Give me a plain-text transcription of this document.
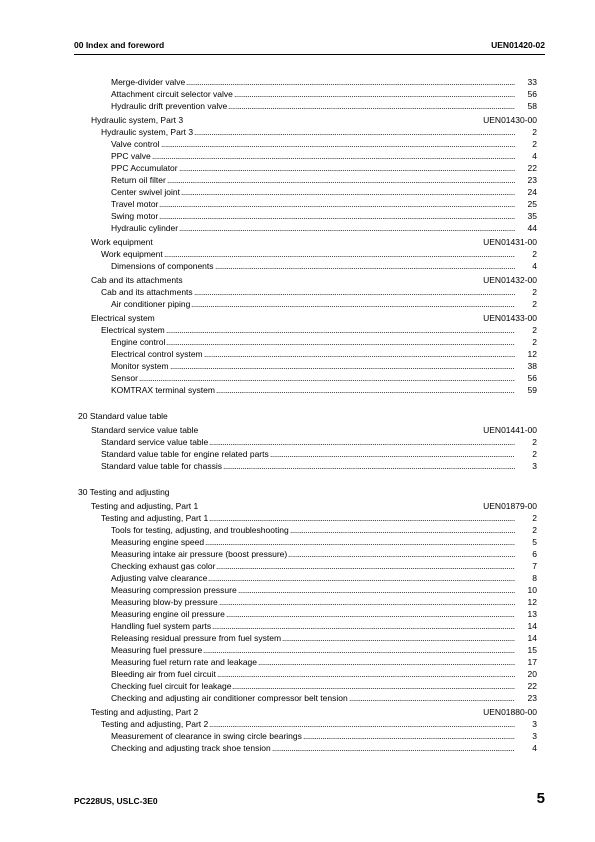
00 Index and foreword	UEN01420-02
Merge-divider valve . . .	33
Attachment circuit selector valve . . .	56
Hydraulic drift prevention valve . . .	58
Hydraulic system, Part 3	UEN01430-00
Hydraulic system, Part 3 . . .	2
Valve control . . .	2
PPC valve . . .	4
PPC Accumulator . . .	22
Return oil filter . . .	23
Center swivel joint . . .	24
Travel motor . . .	25
Swing motor . . .	35
Hydraulic cylinder . . .	44
Work equipment	UEN01431-00
Work equipment . . .	2
Dimensions of components . . .	4
Cab and its attachments	UEN01432-00
Cab and its attachments . . .	2
Air conditioner piping . . .	2
Electrical system	UEN01433-00
Electrical system . . .	2
Engine control . . .	2
Electrical control system . . .	12
Monitor system . . .	38
Sensor . . .	56
KOMTRAX terminal system . . .	59
20 Standard value table
Standard service value table	UEN01441-00
Standard service value table . . .	2
Standard value table for engine related parts . . .	2
Standard value table for chassis . . .	3
30 Testing and adjusting
Testing and adjusting, Part 1	UEN01879-00
Testing and adjusting, Part 1 . . .	2
Tools for testing, adjusting, and troubleshooting . . .	2
Measuring engine speed . . .	5
Measuring intake air pressure (boost pressure) . . .	6
Checking exhaust gas color . . .	7
Adjusting valve clearance . . .	8
Measuring compression pressure . . .	10
Measuring blow-by pressure . . .	12
Measuring engine oil pressure . . .	13
Handling fuel system parts . . .	14
Releasing residual pressure from fuel system . . .	14
Measuring fuel pressure . . .	15
Measuring fuel return rate and leakage . . .	17
Bleeding air from fuel circuit . . .	20
Checking fuel circuit for leakage . . .	22
Checking and adjusting air conditioner compressor belt tension . . .	23
Testing and adjusting, Part 2	UEN01880-00
Testing and adjusting, Part 2 . . .	3
Measurement of clearance in swing circle bearings . . .	3
Checking and adjusting track shoe tension . . .	4
PC228US, USLC-3E0	5
